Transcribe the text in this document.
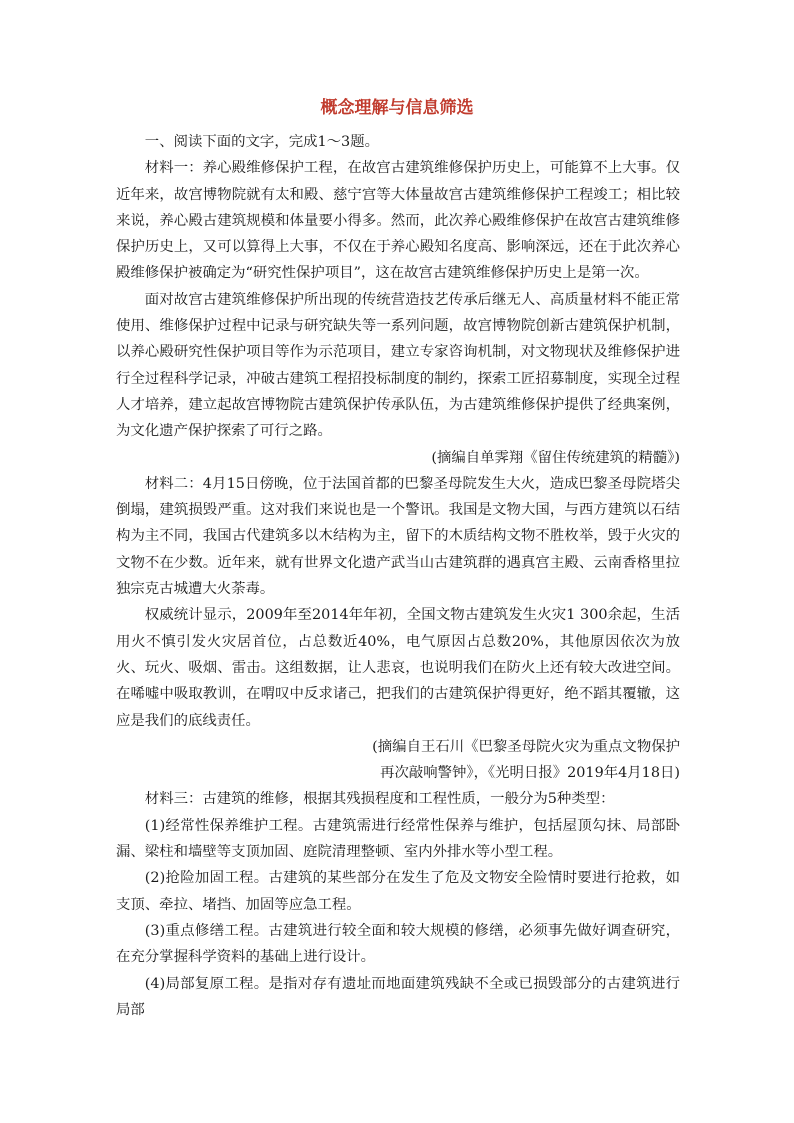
概念理解与信息筛选

一、阅读下面的文字，完成1～3题。

材料一：养心殿维修保护工程，在故宫古建筑维修保护历史上，可能算不上大事。仅近年来，故宫博物院就有太和殿、慈宁宫等大体量故宫古建筑维修保护工程竣工；相比较来说，养心殿古建筑规模和体量要小得多。然而，此次养心殿维修保护在故宫古建筑维修保护历史上，又可以算得上大事，不仅在于养心殿知名度高、影响深远，还在于此次养心殿维修保护被确定为“研究性保护项目”，这在故宫古建筑维修保护历史上是第一次。

面对故宫古建筑维修保护所出现的传统营造技艺传承后继无人、高质量材料不能正常使用、维修保护过程中记录与研究缺失等一系列问题，故宫博物院创新古建筑保护机制，以养心殿研究性保护项目等作为示范项目，建立专家咨询机制，对文物现状及维修保护进行全过程科学记录，冲破古建筑工程招投标制度的制约，探索工匠招募制度，实现全过程人才培养，建立起故宫博物院古建筑保护传承队伍，为古建筑维修保护提供了经典案例，为文化遗产保护探索了可行之路。

(摘编自单霁翔《留住传统建筑的精髓》)

材料二：4月15日傍晚，位于法国首都的巴黎圣母院发生大火，造成巴黎圣母院塔尖倒塌，建筑损毁严重。这对我们来说也是一个警讯。我国是文物大国，与西方建筑以石结构为主不同，我国古代建筑多以木结构为主，留下的木质结构文物不胜枚举，毁于火灾的文物不在少数。近年来，就有世界文化遗产武当山古建筑群的遇真宫主殿、云南香格里拉独宗克古城遭大火荼毒。

权威统计显示，2009年至2014年年初，全国文物古建筑发生火灾1 300余起，生活用火不慎引发火灾居首位，占总数近40%，电气原因占总数20%，其他原因依次为放火、玩火、吸烟、雷击。这组数据，让人悲哀，也说明我们在防火上还有较大改进空间。在唏嘘中吸取教训，在喟叹中反求诸己，把我们的古建筑保护得更好，绝不蹈其覆辙，这应是我们的底线责任。

(摘编自王石川《巴黎圣母院火灾为重点文物保护

再次敲响警钟》，《光明日报》2019年4月18日)

材料三：古建筑的维修，根据其残损程度和工程性质，一般分为5种类型：

(1)经常性保养维护工程。古建筑需进行经常性保养与维护，包括屋顶勾抹、局部卧漏、梁柱和墙壁等支顶加固、庭院清理整顿、室内外排水等小型工程。

(2)抢险加固工程。古建筑的某些部分在发生了危及文物安全险情时要进行抢救，如支顶、牵拉、堵挡、加固等应急工程。

(3)重点修缮工程。古建筑进行较全面和较大规模的修缮，必须事先做好调查研究，在充分掌握科学资料的基础上进行设计。

(4)局部复原工程。是指对存有遗址而地面建筑残缺不全或已损毁部分的古建筑进行局部
